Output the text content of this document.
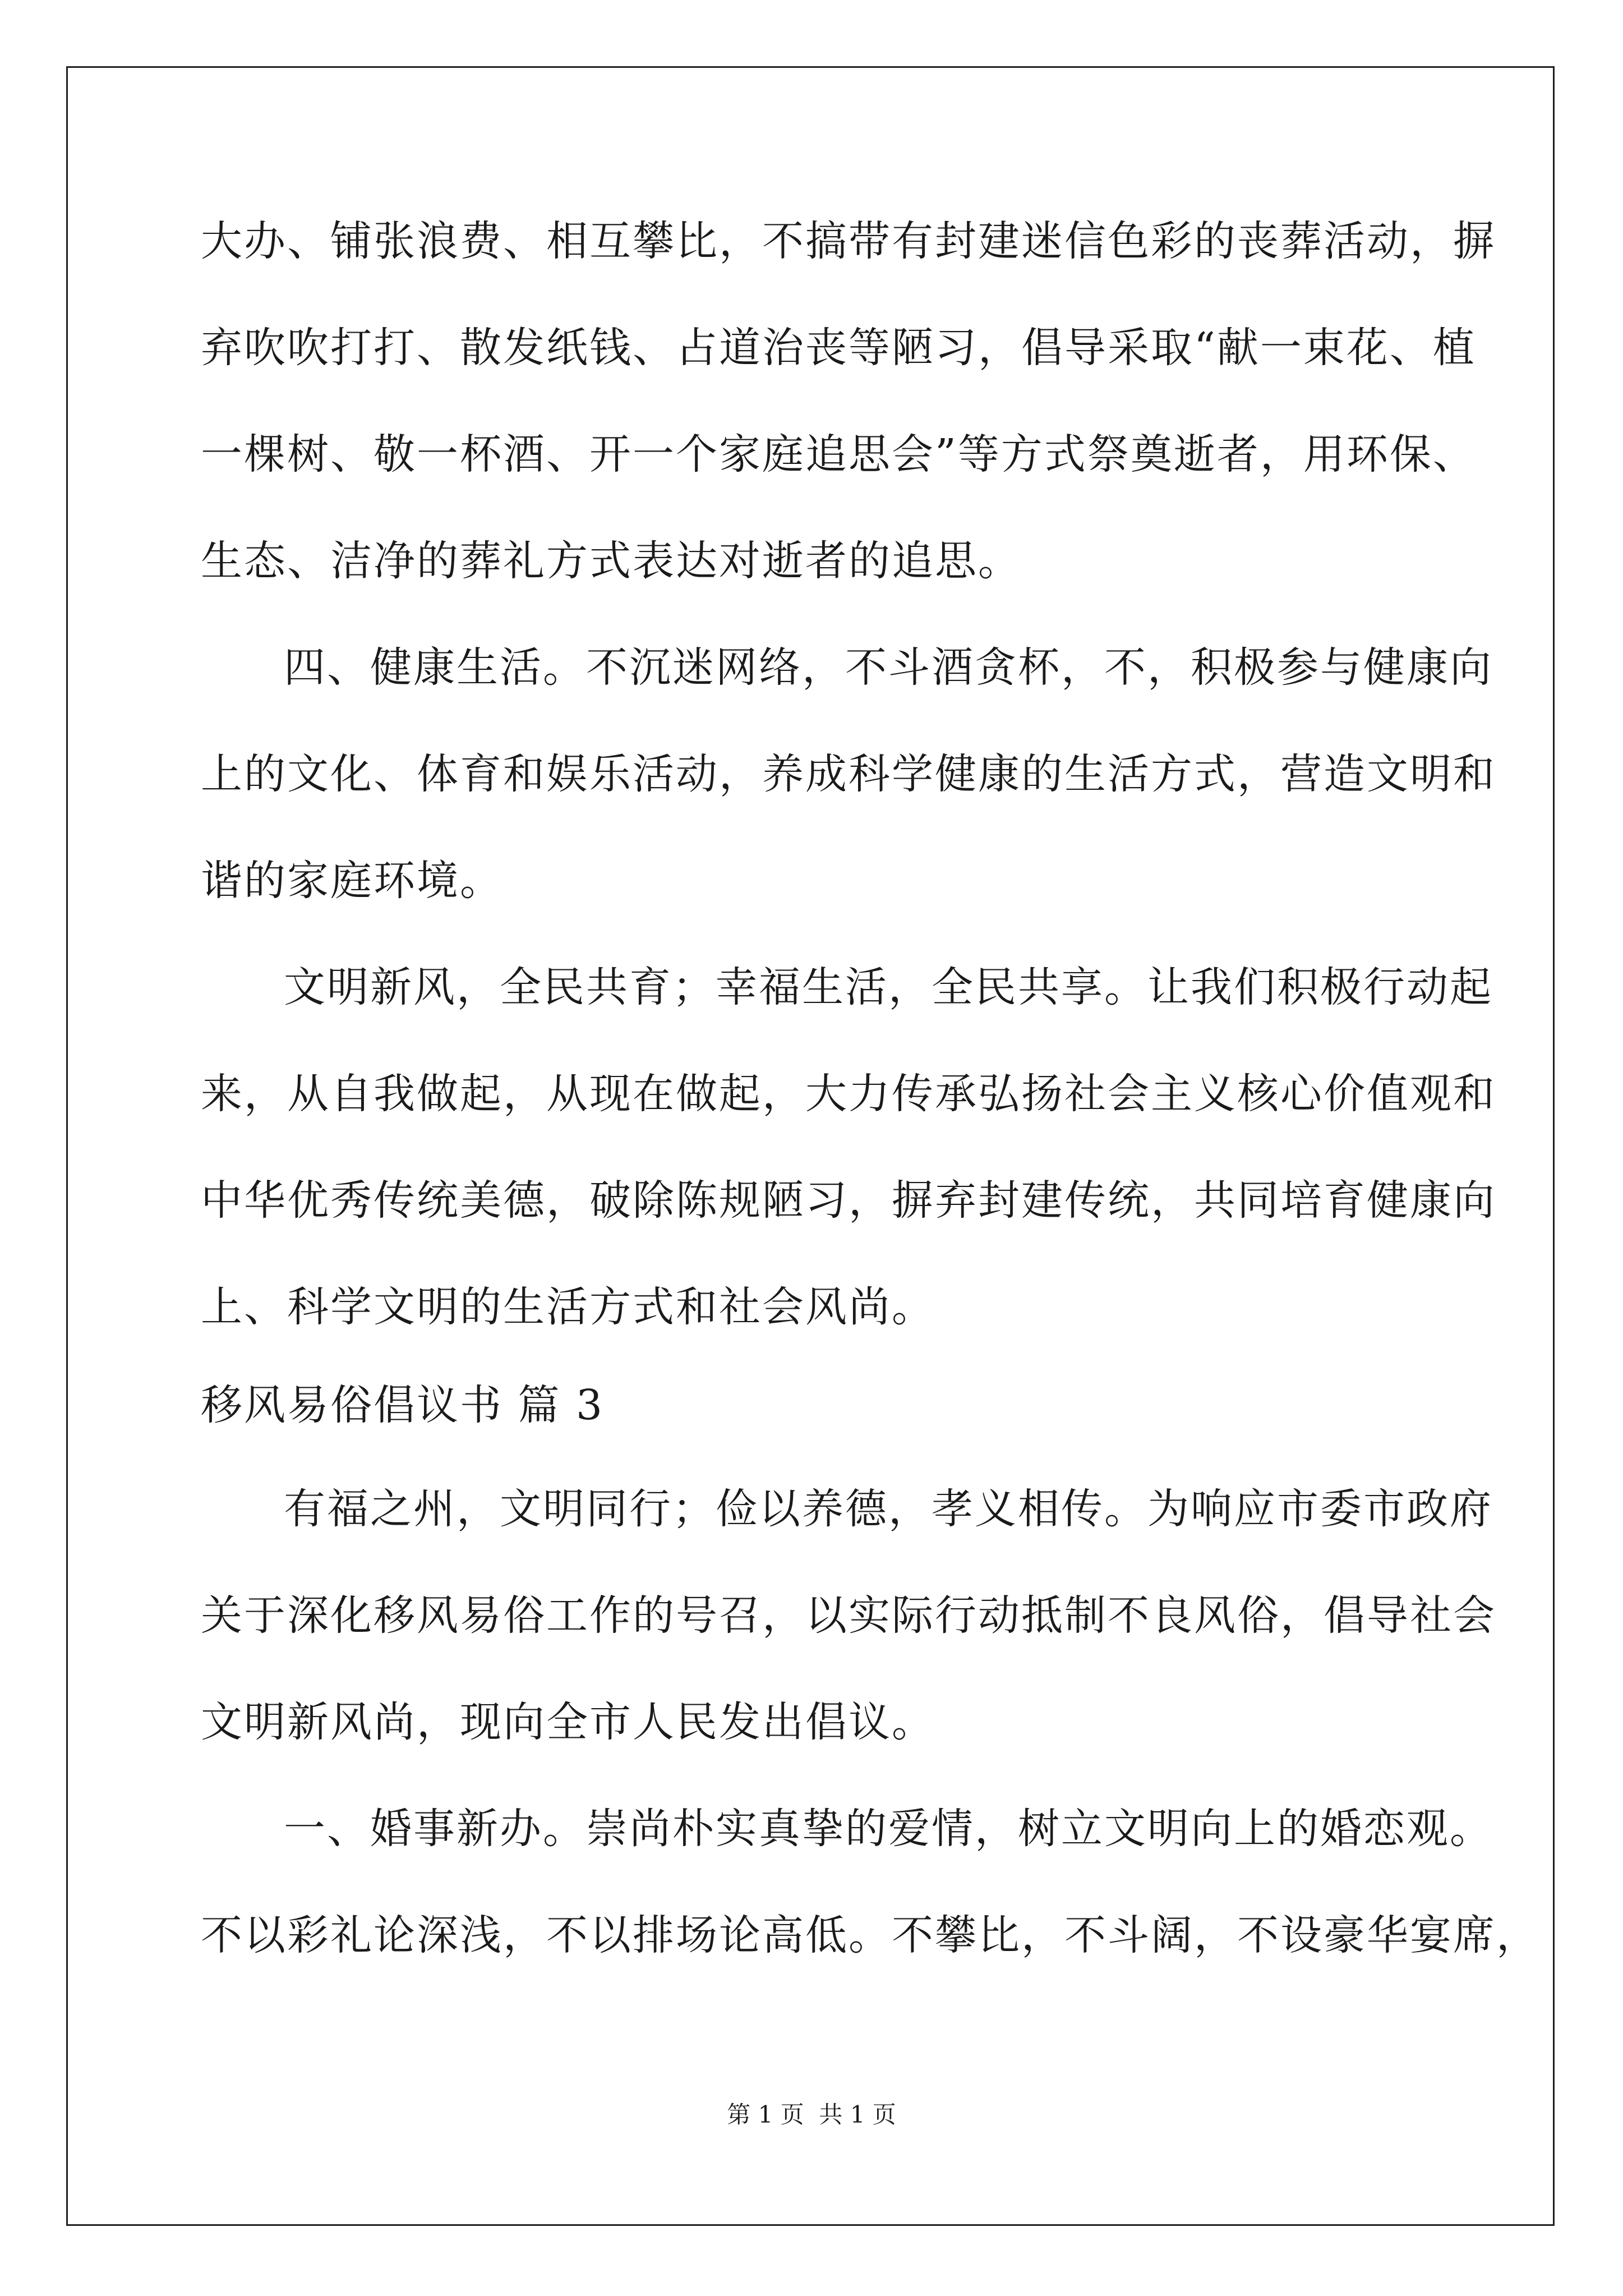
大办、铺张浪费、相互攀比，不搞带有封建迷信色彩的丧葬活动，摒
弃吹吹打打、散发纸钱、占道治丧等陋习，倡导采取“献一束花、植
一棵树、敬一杯酒、开一个家庭追思会”等方式祭奠逝者，用环保、
生态、洁净的葬礼方式表达对逝者的追思。
四、健康生活。不沉迷网络，不斗酒贪杯，不，积极参与健康向
上的文化、体育和娱乐活动，养成科学健康的生活方式，营造文明和
谐的家庭环境。
文明新风，全民共育；幸福生活，全民共享。让我们积极行动起
来，从自我做起，从现在做起，大力传承弘扬社会主义核心价值观和
中华优秀传统美德，破除陈规陋习，摒弃封建传统，共同培育健康向
上、科学文明的生活方式和社会风尚。
移风易俗倡议书 篇 3
有福之州，文明同行；俭以养德，孝义相传。为响应市委市政府
关于深化移风易俗工作的号召，以实际行动抵制不良风俗，倡导社会
文明新风尚，现向全市人民发出倡议。
一、婚事新办。崇尚朴实真挚的爱情，树立文明向上的婚恋观。
不以彩礼论深浅，不以排场论高低。不攀比，不斗阔，不设豪华宴席，
第 1 页  共 1 页
